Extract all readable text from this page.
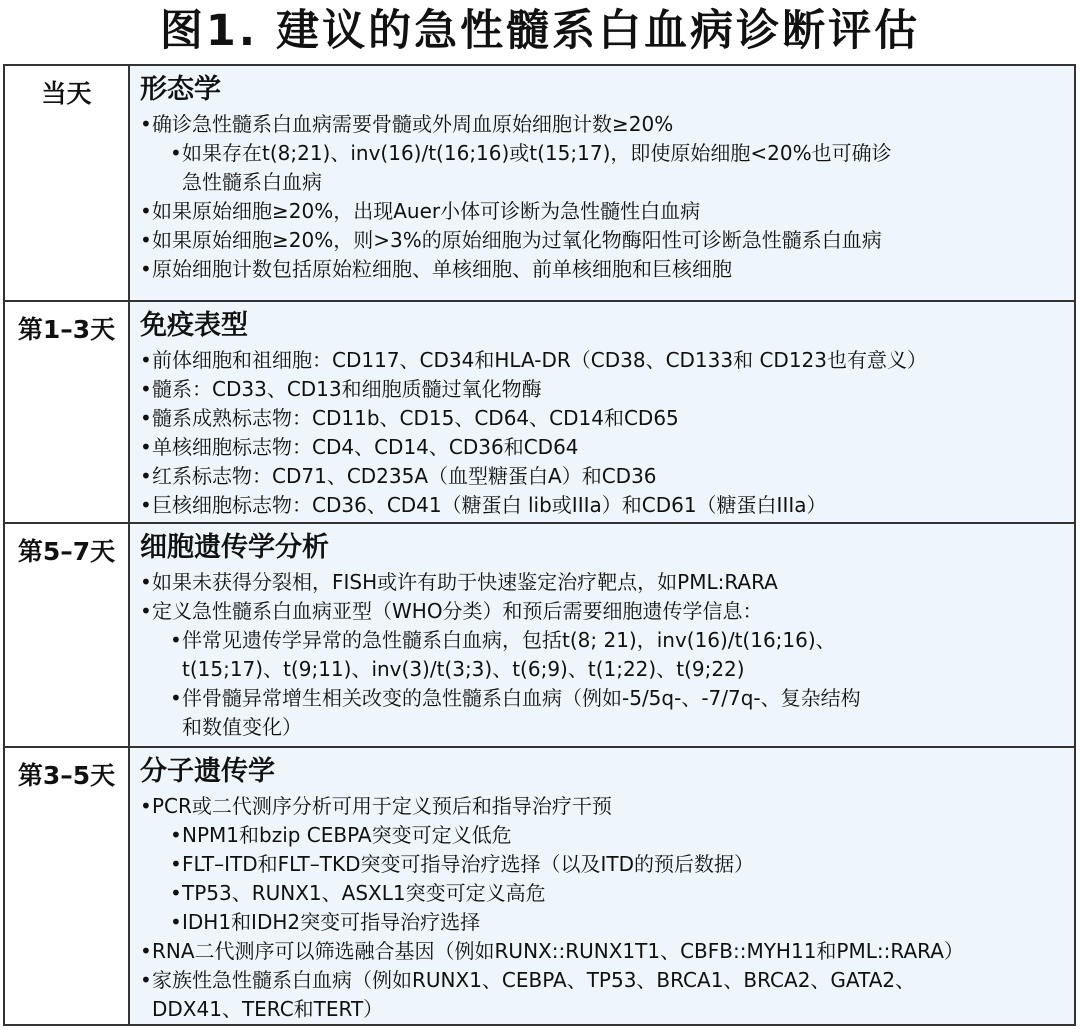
图1. 建议的急性髓系白血病诊断评估
当天	形态学
• 确诊急性髓系白血病需要骨髓或外周血原始细胞计数≥20%
• 如果存在t(8;21)、inv(16)/t(16;16)或t(15;17)，即使原始细胞<20%也可确诊
急性髓系白血病
• 如果原始细胞≥20%，出现Auer小体可诊断为急性髓性白血病
• 如果原始细胞≥20%，则>3%的原始细胞为过氧化物酶阳性可诊断急性髓系白血病
• 原始细胞计数包括原始粒细胞、单核细胞、前单核细胞和巨核细胞
第1–3天 免疫表型
• 前体细胞和祖细胞：CD117、CD34和HLA-DR（CD38、CD133和 CD123也有意义）
• 髓系：CD33、CD13和细胞质髓过氧化物酶
• 髓系成熟标志物：CD11b、CD15、CD64、CD14和CD65
• 单核细胞标志物：CD4、CD14、CD36和CD64
• 红系标志物：CD71、CD235A（血型糖蛋白A）和CD36
• 巨核细胞标志物：CD36、CD41（糖蛋白 lib或IIIa）和CD61（糖蛋白IIIa）
第5–7天 细胞遗传学分析
• 如果未获得分裂相，FISH或许有助于快速鉴定治疗靶点，如PML:RARA
• 定义急性髓系白血病亚型（WHO分类）和预后需要细胞遗传学信息：
• 伴常见遗传学异常的急性髓系白血病，包括t(8; 21)，inv(16)/t(16;16)、
t(15;17)、t(9;11)、inv(3)/t(3;3)、t(6;9)、t(1;22)、t(9;22)
• 伴骨髓异常增生相关改变的急性髓系白血病（例如-5/5q-、-7/7q-、复杂结构
和数值变化）
第3–5天 分子遗传学
• PCR或二代测序分析可用于定义预后和指导治疗干预
• NPM1和bzip CEBPA突变可定义低危
• FLT–ITD和FLT–TKD突变可指导治疗选择（以及ITD的预后数据）
• TP53、RUNX1、ASXL1突变可定义高危
• IDH1和IDH2突变可指导治疗选择
• RNA二代测序可以筛选融合基因（例如RUNX::RUNX1T1、CBFB::MYH11和PML::RARA）
• 家族性急性髓系白血病（例如RUNX1、CEBPA、TP53、BRCA1、BRCA2、GATA2、
DDX41、TERC和TERT）
